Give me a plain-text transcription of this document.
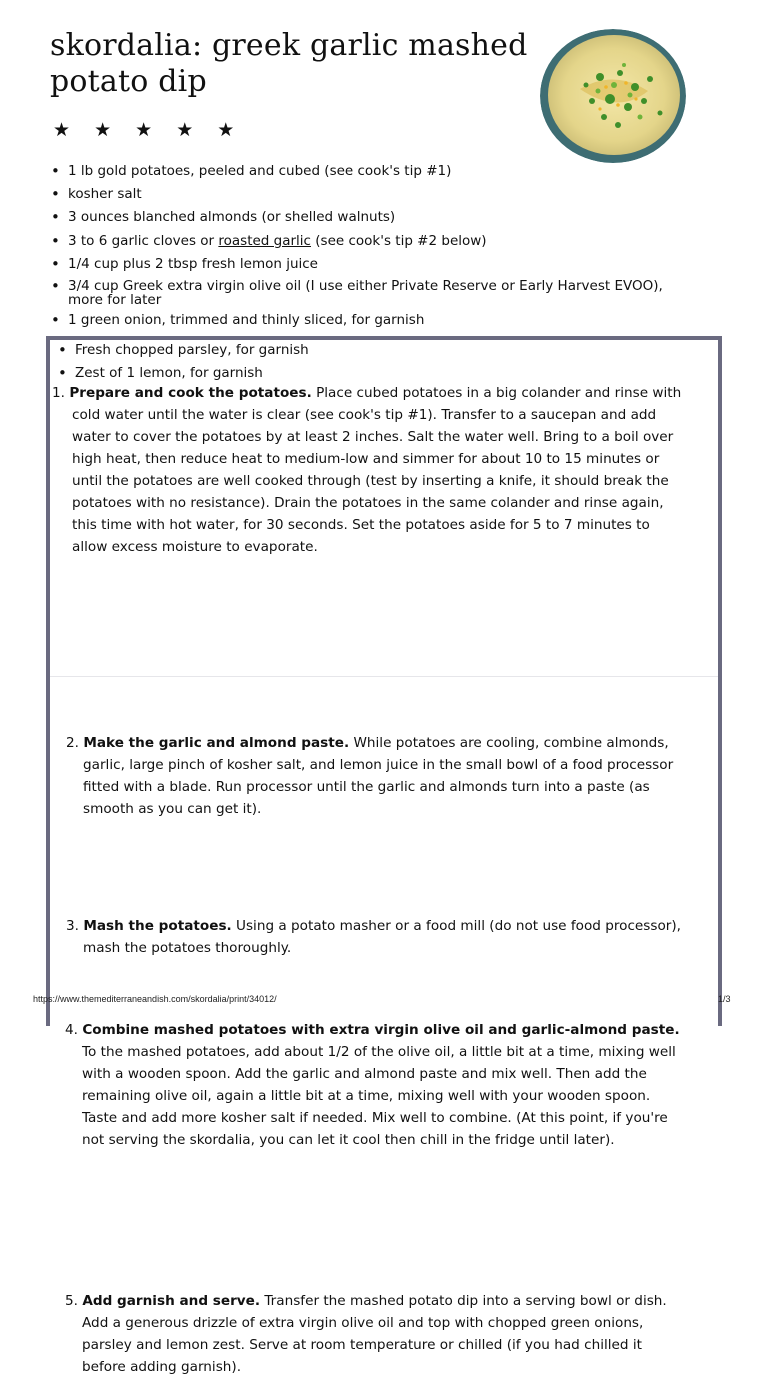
skordalia: greek garlic mashed potato dip
★ ★ ★ ★ ★
• 1 lb gold potatoes, peeled and cubed (see cook's tip #1)
• kosher salt
• 3 ounces blanched almonds (or shelled walnuts)
• 3 to 6 garlic cloves or roasted garlic (see cook's tip #2 below)
• 1/4 cup plus 2 tbsp fresh lemon juice
• 3/4 cup Greek extra virgin olive oil (I use either Private Reserve or Early Harvest EVOO), more for later
• 1 green onion, trimmed and thinly sliced, for garnish
• Fresh chopped parsley, for garnish
• Zest of 1 lemon, for garnish
1. Prepare and cook the potatoes. Place cubed potatoes in a big colander and rinse with cold water until the water is clear (see cook's tip #1). Transfer to a saucepan and add water to cover the potatoes by at least 2 inches. Salt the water well. Bring to a boil over high heat, then reduce heat to medium-low and simmer for about 10 to 15 minutes or until the potatoes are well cooked through (test by inserting a knife, it should break the potatoes with no resistance). Drain the potatoes in the same colander and rinse again, this time with hot water, for 30 seconds. Set the potatoes aside for 5 to 7 minutes to allow excess moisture to evaporate.
2. Make the garlic and almond paste. While potatoes are cooling, combine almonds, garlic, large pinch of kosher salt, and lemon juice in the small bowl of a food processor fitted with a blade. Run processor until the garlic and almonds turn into a paste (as smooth as you can get it).
3. Mash the potatoes. Using a potato masher or a food mill (do not use food processor), mash the potatoes thoroughly.
4. Combine mashed potatoes with extra virgin olive oil and garlic-almond paste. To the mashed potatoes, add about 1/2 of the olive oil, a little bit at a time, mixing well with a wooden spoon. Add the garlic and almond paste and mix well. Then add the remaining olive oil, again a little bit at a time, mixing well with your wooden spoon. Taste and add more kosher salt if needed. Mix well to combine. (At this point, if you're not serving the skordalia, you can let it cool then chill in the fridge until later).
5. Add garnish and serve. Transfer the mashed potato dip into a serving bowl or dish. Add a generous drizzle of extra virgin olive oil and top with chopped green onions, parsley and lemon zest. Serve at room temperature or chilled (if you had chilled it before adding garnish).
https://www.themediterraneandish.com/skordalia/print/34012/	1/3
